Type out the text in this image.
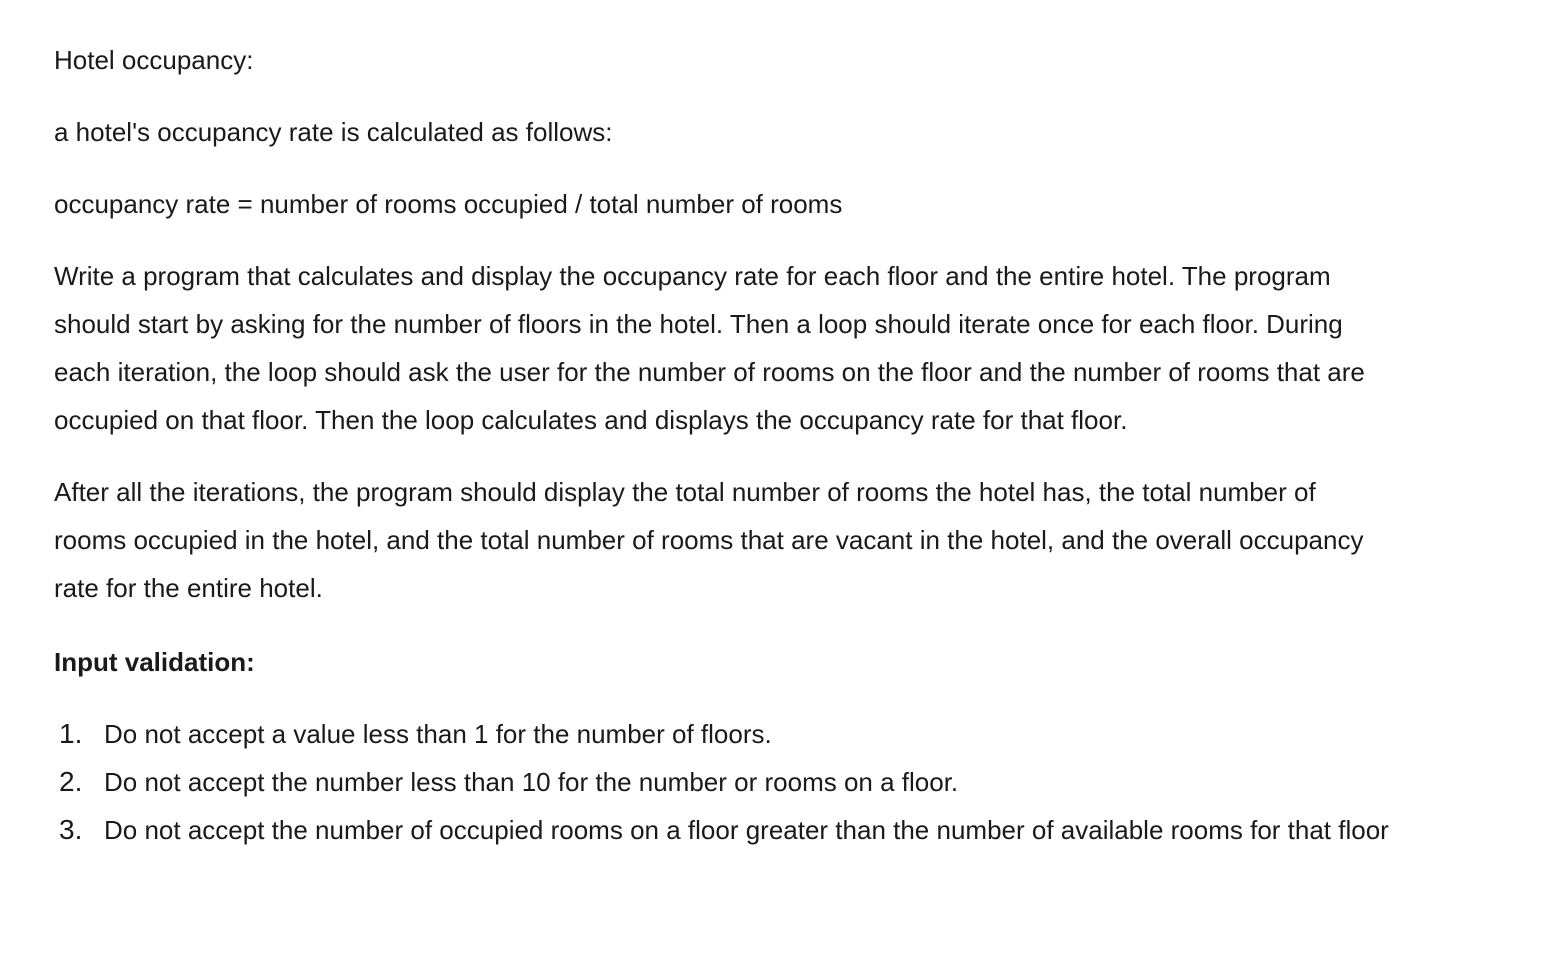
Hotel occupancy:

a hotel's occupancy rate is calculated as follows:

occupancy rate = number of rooms occupied / total number of rooms

Write a program that calculates and display the occupancy rate for each floor and the entire hotel. The program should start by asking for the number of floors in the hotel. Then a loop should iterate once for each floor. During each iteration, the loop should ask the user for the number of rooms on the floor and the number of rooms that are occupied on that floor. Then the loop calculates and displays the occupancy rate for that floor.

After all the iterations, the program should display the total number of rooms the hotel has, the total number of rooms occupied in the hotel, and the total number of rooms that are vacant in the hotel, and the overall occupancy rate for the entire hotel.

Input validation:

1. Do not accept a value less than 1 for the number of floors.
2. Do not accept the number less than 10 for the number or rooms on a floor.
3. Do not accept the number of occupied rooms on a floor greater than the number of available rooms for that floor
